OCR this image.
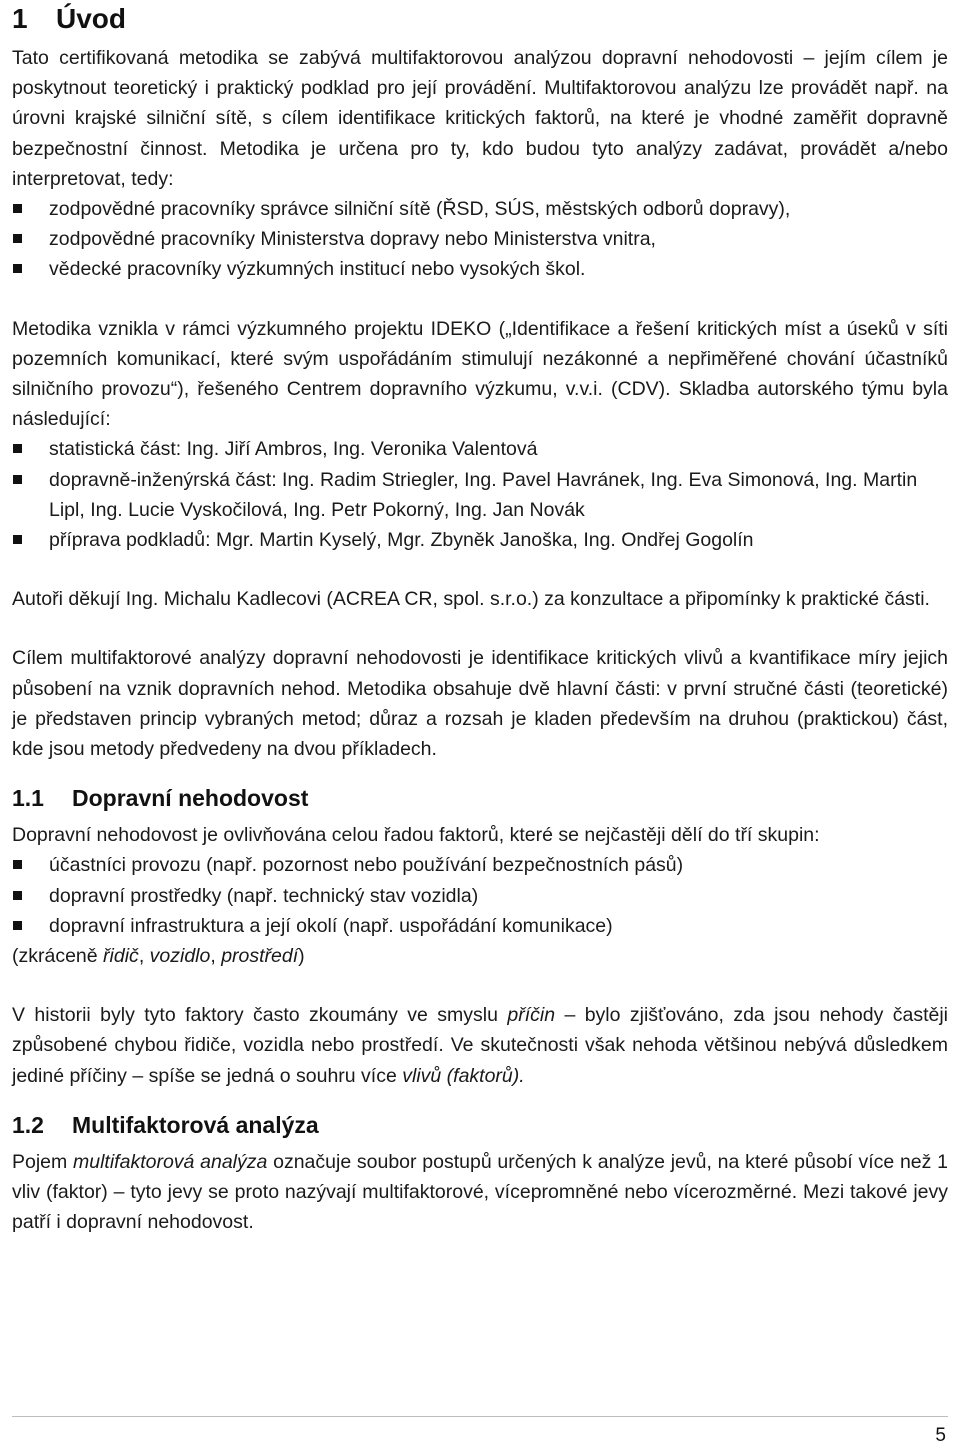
1 Úvod

Tato certifikovaná metodika se zabývá multifaktorovou analýzou dopravní nehodovosti – jejím cílem je poskytnout teoretický i praktický podklad pro její provádění. Multifaktorovou analýzu lze provádět např. na úrovni krajské silniční sítě, s cílem identifikace kritických faktorů, na které je vhodné zaměřit dopravně bezpečnostní činnost. Metodika je určena pro ty, kdo budou tyto analýzy zadávat, provádět a/nebo interpretovat, tedy:

zodpovědné pracovníky správce silniční sítě (ŘSD, SÚS, městských odborů dopravy),
zodpovědné pracovníky Ministerstva dopravy nebo Ministerstva vnitra,
vědecké pracovníky výzkumných institucí nebo vysokých škol.

Metodika vznikla v rámci výzkumného projektu IDEKO („Identifikace a řešení kritických míst a úseků v síti pozemních komunikací, které svým uspořádáním stimulují nezákonné a nepřiměřené chování účastníků silničního provozu“), řešeného Centrem dopravního výzkumu, v.v.i. (CDV). Skladba autorského týmu byla následující:

statistická část: Ing. Jiří Ambros, Ing. Veronika Valentová
dopravně-inženýrská část: Ing. Radim Striegler, Ing. Pavel Havránek, Ing. Eva Simonová, Ing. Martin Lipl, Ing. Lucie Vyskočilová, Ing. Petr Pokorný, Ing. Jan Novák
příprava podkladů: Mgr. Martin Kyselý, Mgr. Zbyněk Janoška, Ing. Ondřej Gogolín

Autoři děkují Ing. Michalu Kadlecovi (ACREA CR, spol. s.r.o.) za konzultace a připomínky k praktické části.

Cílem multifaktorové analýzy dopravní nehodovosti je identifikace kritických vlivů a kvantifikace míry jejich působení na vznik dopravních nehod. Metodika obsahuje dvě hlavní části: v první stručné části (teoretické) je představen princip vybraných metod; důraz a rozsah je kladen především na druhou (praktickou) část, kde jsou metody předvedeny na dvou příkladech.

1.1 Dopravní nehodovost

Dopravní nehodovost je ovlivňována celou řadou faktorů, které se nejčastěji dělí do tří skupin:

účastníci provozu (např. pozornost nebo používání bezpečnostních pásů)
dopravní prostředky (např. technický stav vozidla)
dopravní infrastruktura a její okolí (např. uspořádání komunikace)

(zkráceně řidič, vozidlo, prostředí)

V historii byly tyto faktory často zkoumány ve smyslu příčin – bylo zjišťováno, zda jsou nehody častěji způsobené chybou řidiče, vozidla nebo prostředí. Ve skutečnosti však nehoda většinou nebývá důsledkem jediné příčiny – spíše se jedná o souhru více vlivů (faktorů).

1.2 Multifaktorová analýza

Pojem multifaktorová analýza označuje soubor postupů určených k analýze jevů, na které působí více než 1 vliv (faktor) – tyto jevy se proto nazývají multifaktorové, vícepromněné nebo vícerozměrné. Mezi takové jevy patří i dopravní nehodovost.

5
